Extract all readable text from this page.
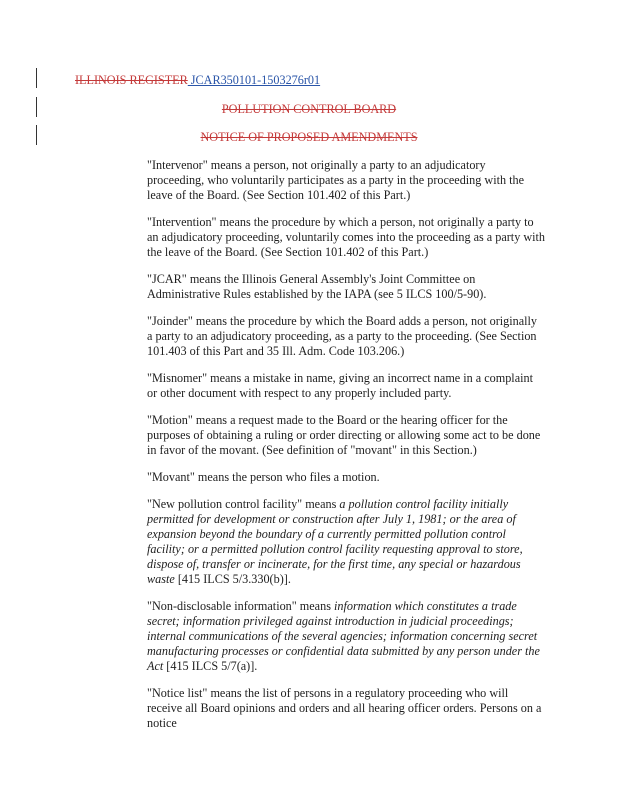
ILLINOIS REGISTER JCAR350101-1503276r01
POLLUTION CONTROL BOARD
NOTICE OF PROPOSED AMENDMENTS

"Intervenor" means a person, not originally a party to an adjudicatory proceeding, who voluntarily participates as a party in the proceeding with the leave of the Board. (See Section 101.402 of this Part.)

"Intervention" means the procedure by which a person, not originally a party to an adjudicatory proceeding, voluntarily comes into the proceeding as a party with the leave of the Board. (See Section 101.402 of this Part.)

"JCAR" means the Illinois General Assembly's Joint Committee on Administrative Rules established by the IAPA (see 5 ILCS 100/5-90).

"Joinder" means the procedure by which the Board adds a person, not originally a party to an adjudicatory proceeding, as a party to the proceeding. (See Section 101.403 of this Part and 35 Ill. Adm. Code 103.206.)

"Misnomer" means a mistake in name, giving an incorrect name in a complaint or other document with respect to any properly included party.

"Motion" means a request made to the Board or the hearing officer for the purposes of obtaining a ruling or order directing or allowing some act to be done in favor of the movant. (See definition of "movant" in this Section.)

"Movant" means the person who files a motion.

"New pollution control facility" means a pollution control facility initially permitted for development or construction after July 1, 1981; or the area of expansion beyond the boundary of a currently permitted pollution control facility; or a permitted pollution control facility requesting approval to store, dispose of, transfer or incinerate, for the first time, any special or hazardous waste [415 ILCS 5/3.330(b)].

"Non-disclosable information" means information which constitutes a trade secret; information privileged against introduction in judicial proceedings; internal communications of the several agencies; information concerning secret manufacturing processes or confidential data submitted by any person under the Act [415 ILCS 5/7(a)].

"Notice list" means the list of persons in a regulatory proceeding who will receive all Board opinions and orders and all hearing officer orders. Persons on a notice
